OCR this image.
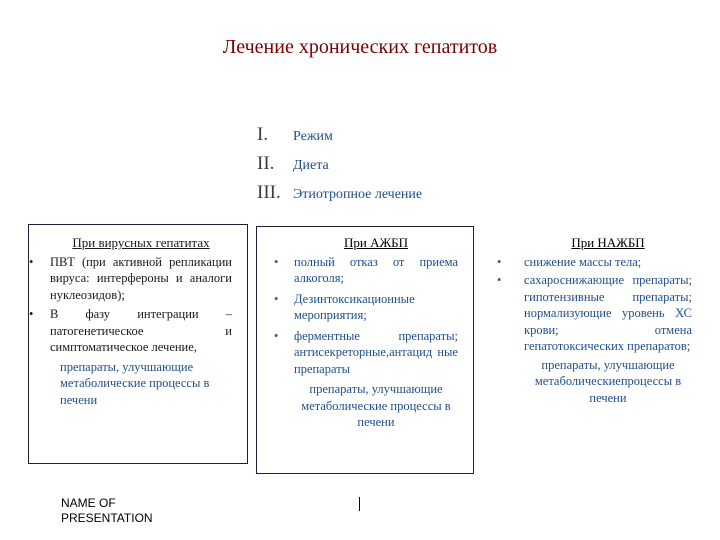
Лечение хронических гепатитов
I.	Режим
II.	Диета
III. Этиотропное лечение
При вирусных гепатитах
•	ПВТ (при активной репликации вируса: интерфероны и аналоги нуклеозидов);
•	В фазу интеграции – патогенетическое и симптоматическое лечение,
препараты, улучшающие метаболические процессы в печени
При АЖБП
•	полный отказ от приема алкоголя;
•	Дезинтоксикационные мероприятия;
•	ферментные препараты; антисекреторные,антацид ные препараты
препараты, улучшающие метаболические процессы в печени
При НАЖБП
•	снижение массы тела;
•	сахароснижающие препараты; гипотензивные препараты; нормализующие уровень ХС крови; отмена гепатотоксических препаратов;
препараты, улучшающие метаболическиепроцессы в печени
NAME OF PRESENTATION
